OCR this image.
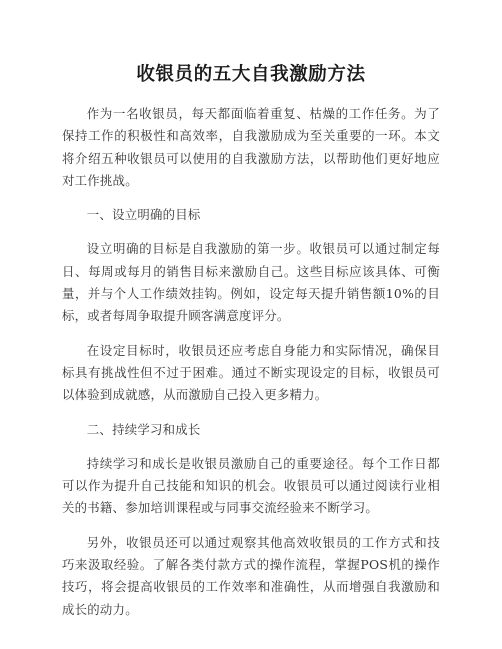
收银员的五大自我激励方法

作为一名收银员，每天都面临着重复、枯燥的工作任务。为了保持工作的积极性和高效率，自我激励成为至关重要的一环。本文将介绍五种收银员可以使用的自我激励方法，以帮助他们更好地应对工作挑战。

一、设立明确的目标

设立明确的目标是自我激励的第一步。收银员可以通过制定每日、每周或每月的销售目标来激励自己。这些目标应该具体、可衡量，并与个人工作绩效挂钩。例如，设定每天提升销售额10%的目标，或者每周争取提升顾客满意度评分。

在设定目标时，收银员还应考虑自身能力和实际情况，确保目标具有挑战性但不过于困难。通过不断实现设定的目标，收银员可以体验到成就感，从而激励自己投入更多精力。

二、持续学习和成长

持续学习和成长是收银员激励自己的重要途径。每个工作日都可以作为提升自己技能和知识的机会。收银员可以通过阅读行业相关的书籍、参加培训课程或与同事交流经验来不断学习。

另外，收银员还可以通过观察其他高效收银员的工作方式和技巧来汲取经验。了解各类付款方式的操作流程，掌握POS机的操作技巧，将会提高收银员的工作效率和准确性，从而增强自我激励和成长的动力。
